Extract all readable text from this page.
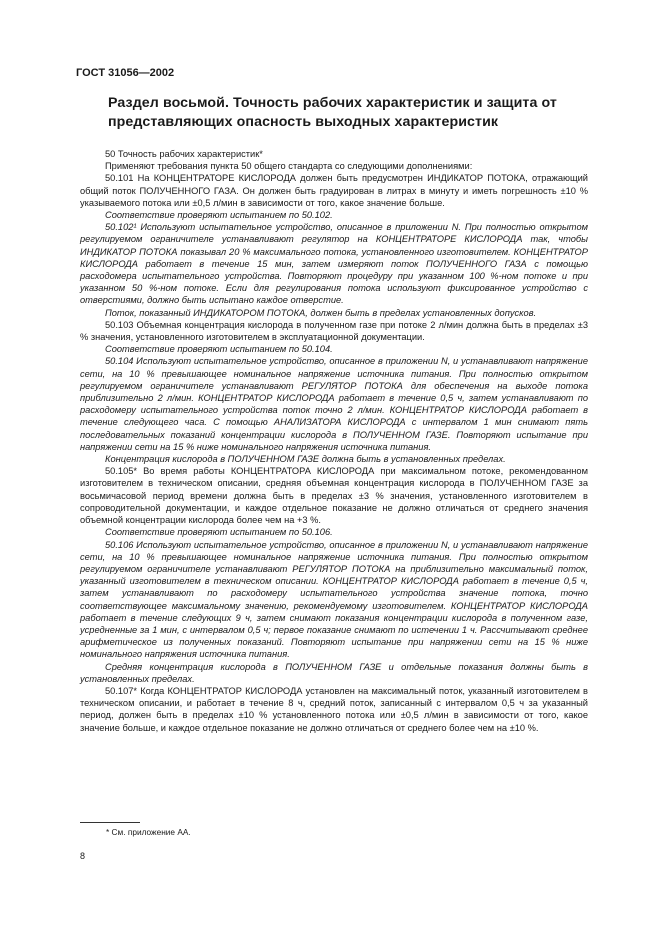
ГОСТ 31056—2002
Раздел восьмой. Точность рабочих характеристик и защита от представляющих опасность выходных характеристик

50 Точность рабочих характеристик*

Применяют требования пункта 50 общего стандарта со следующими дополнениями:

50.101 На КОНЦЕНТРАТОРЕ КИСЛОРОДА должен быть предусмотрен ИНДИКАТОР ПОТОКА, отражающий общий поток ПОЛУЧЕННОГО ГАЗА. Он должен быть градуирован в литрах в минуту и иметь погрешность ±10 % указываемого потока или ±0,5 л/мин в зависимости от того, какое значение больше.

Соответствие проверяют испытанием по 50.102.

50.102¹ Используют испытательное устройство, описанное в приложении N. При полностью открытом регулируемом ограничителе устанавливают регулятор на КОНЦЕНТРАТОРЕ КИСЛОРОДА так, чтобы ИНДИКАТОР ПОТОКА показывал 20 % максимального потока, установленного изготовителем. КОНЦЕНТРАТОР КИСЛОРОДА работает в течение 15 мин, затем измеряют поток ПОЛУЧЕННОГО ГАЗА с помощью расходомера испытательного устройства. Повторяют процедуру при указанном 100 %-ном потоке и при указанном 50 %-ном потоке. Если для регулирования потока используют фиксированное устройство с отверстиями, должно быть испытано каждое отверстие.

Поток, показанный ИНДИКАТОРОМ ПОТОКА, должен быть в пределах установленных допусков.

50.103 Объемная концентрация кислорода в полученном газе при потоке 2 л/мин должна быть в пределах ±3 % значения, установленного изготовителем в эксплуатационной документации.

Соответствие проверяют испытанием по 50.104.

50.104 Используют испытательное устройство, описанное в приложении N, и устанавливают напряжение сети, на 10 % превышающее номинальное напряжение источника питания. При полностью открытом регулируемом ограничителе устанавливают РЕГУЛЯТОР ПОТОКА для обеспечения на выходе потока приблизительно 2 л/мин. КОНЦЕНТРАТОР КИСЛОРОДА работает в течение 0,5 ч, затем устанавливают по расходомеру испытательного устройства поток точно 2 л/мин. КОНЦЕНТРАТОР КИСЛОРОДА работает в течение следующего часа. С помощью АНАЛИЗАТОРА КИСЛОРОДА с интервалом 1 мин снимают пять последовательных показаний концентрации кислорода в ПОЛУЧЕННОМ ГАЗЕ. Повторяют испытание при напряжении сети на 15 % ниже номинального напряжения источника питания.

Концентрация кислорода в ПОЛУЧЕННОМ ГАЗЕ должна быть в установленных пределах.

50.105* Во время работы КОНЦЕНТРАТОРА КИСЛОРОДА при максимальном потоке, рекомендованном изготовителем в техническом описании, средняя объемная концентрация кислорода в ПОЛУЧЕННОМ ГАЗЕ за восьмичасовой период времени должна быть в пределах ±3 % значения, установленного изготовителем в сопроводительной документации, и каждое отдельное показание не должно отличаться от среднего значения объемной концентрации кислорода более чем на +3 %.

Соответствие проверяют испытанием по 50.106.

50.106 Используют испытательное устройство, описанное в приложении N, и устанавливают напряжение сети, на 10 % превышающее номинальное напряжение источника питания. При полностью открытом регулируемом ограничителе устанавливают РЕГУЛЯТОР ПОТОКА на приблизительно максимальный поток, указанный изготовителем в техническом описании. КОНЦЕНТРАТОР КИСЛОРОДА работает в течение 0,5 ч, затем устанавливают по расходомеру испытательного устройства значение потока, точно соответствующее максимальному значению, рекомендуемому изготовителем. КОНЦЕНТРАТОР КИСЛОРОДА работает в течение следующих 9 ч, затем снимают показания концентрации кислорода в полученном газе, усредненные за 1 мин, с интервалом 0,5 ч; первое показание снимают по истечении 1 ч. Рассчитывают среднее арифметическое из полученных показаний. Повторяют испытание при напряжении сети на 15 % ниже номинального напряжения источника питания.

Средняя концентрация кислорода в ПОЛУЧЕННОМ ГАЗЕ и отдельные показания должны быть в установленных пределах.

50.107* Когда КОНЦЕНТРАТОР КИСЛОРОДА установлен на максимальный поток, указанный изготовителем в техническом описании, и работает в течение 8 ч, средний поток, записанный с интервалом 0,5 ч за указанный период, должен быть в пределах ±10 % установленного потока или ±0,5 л/мин в зависимости от того, какое значение больше, и каждое отдельное показание не должно отличаться от среднего более чем на ±10 %.

* См. приложение АА.
8
